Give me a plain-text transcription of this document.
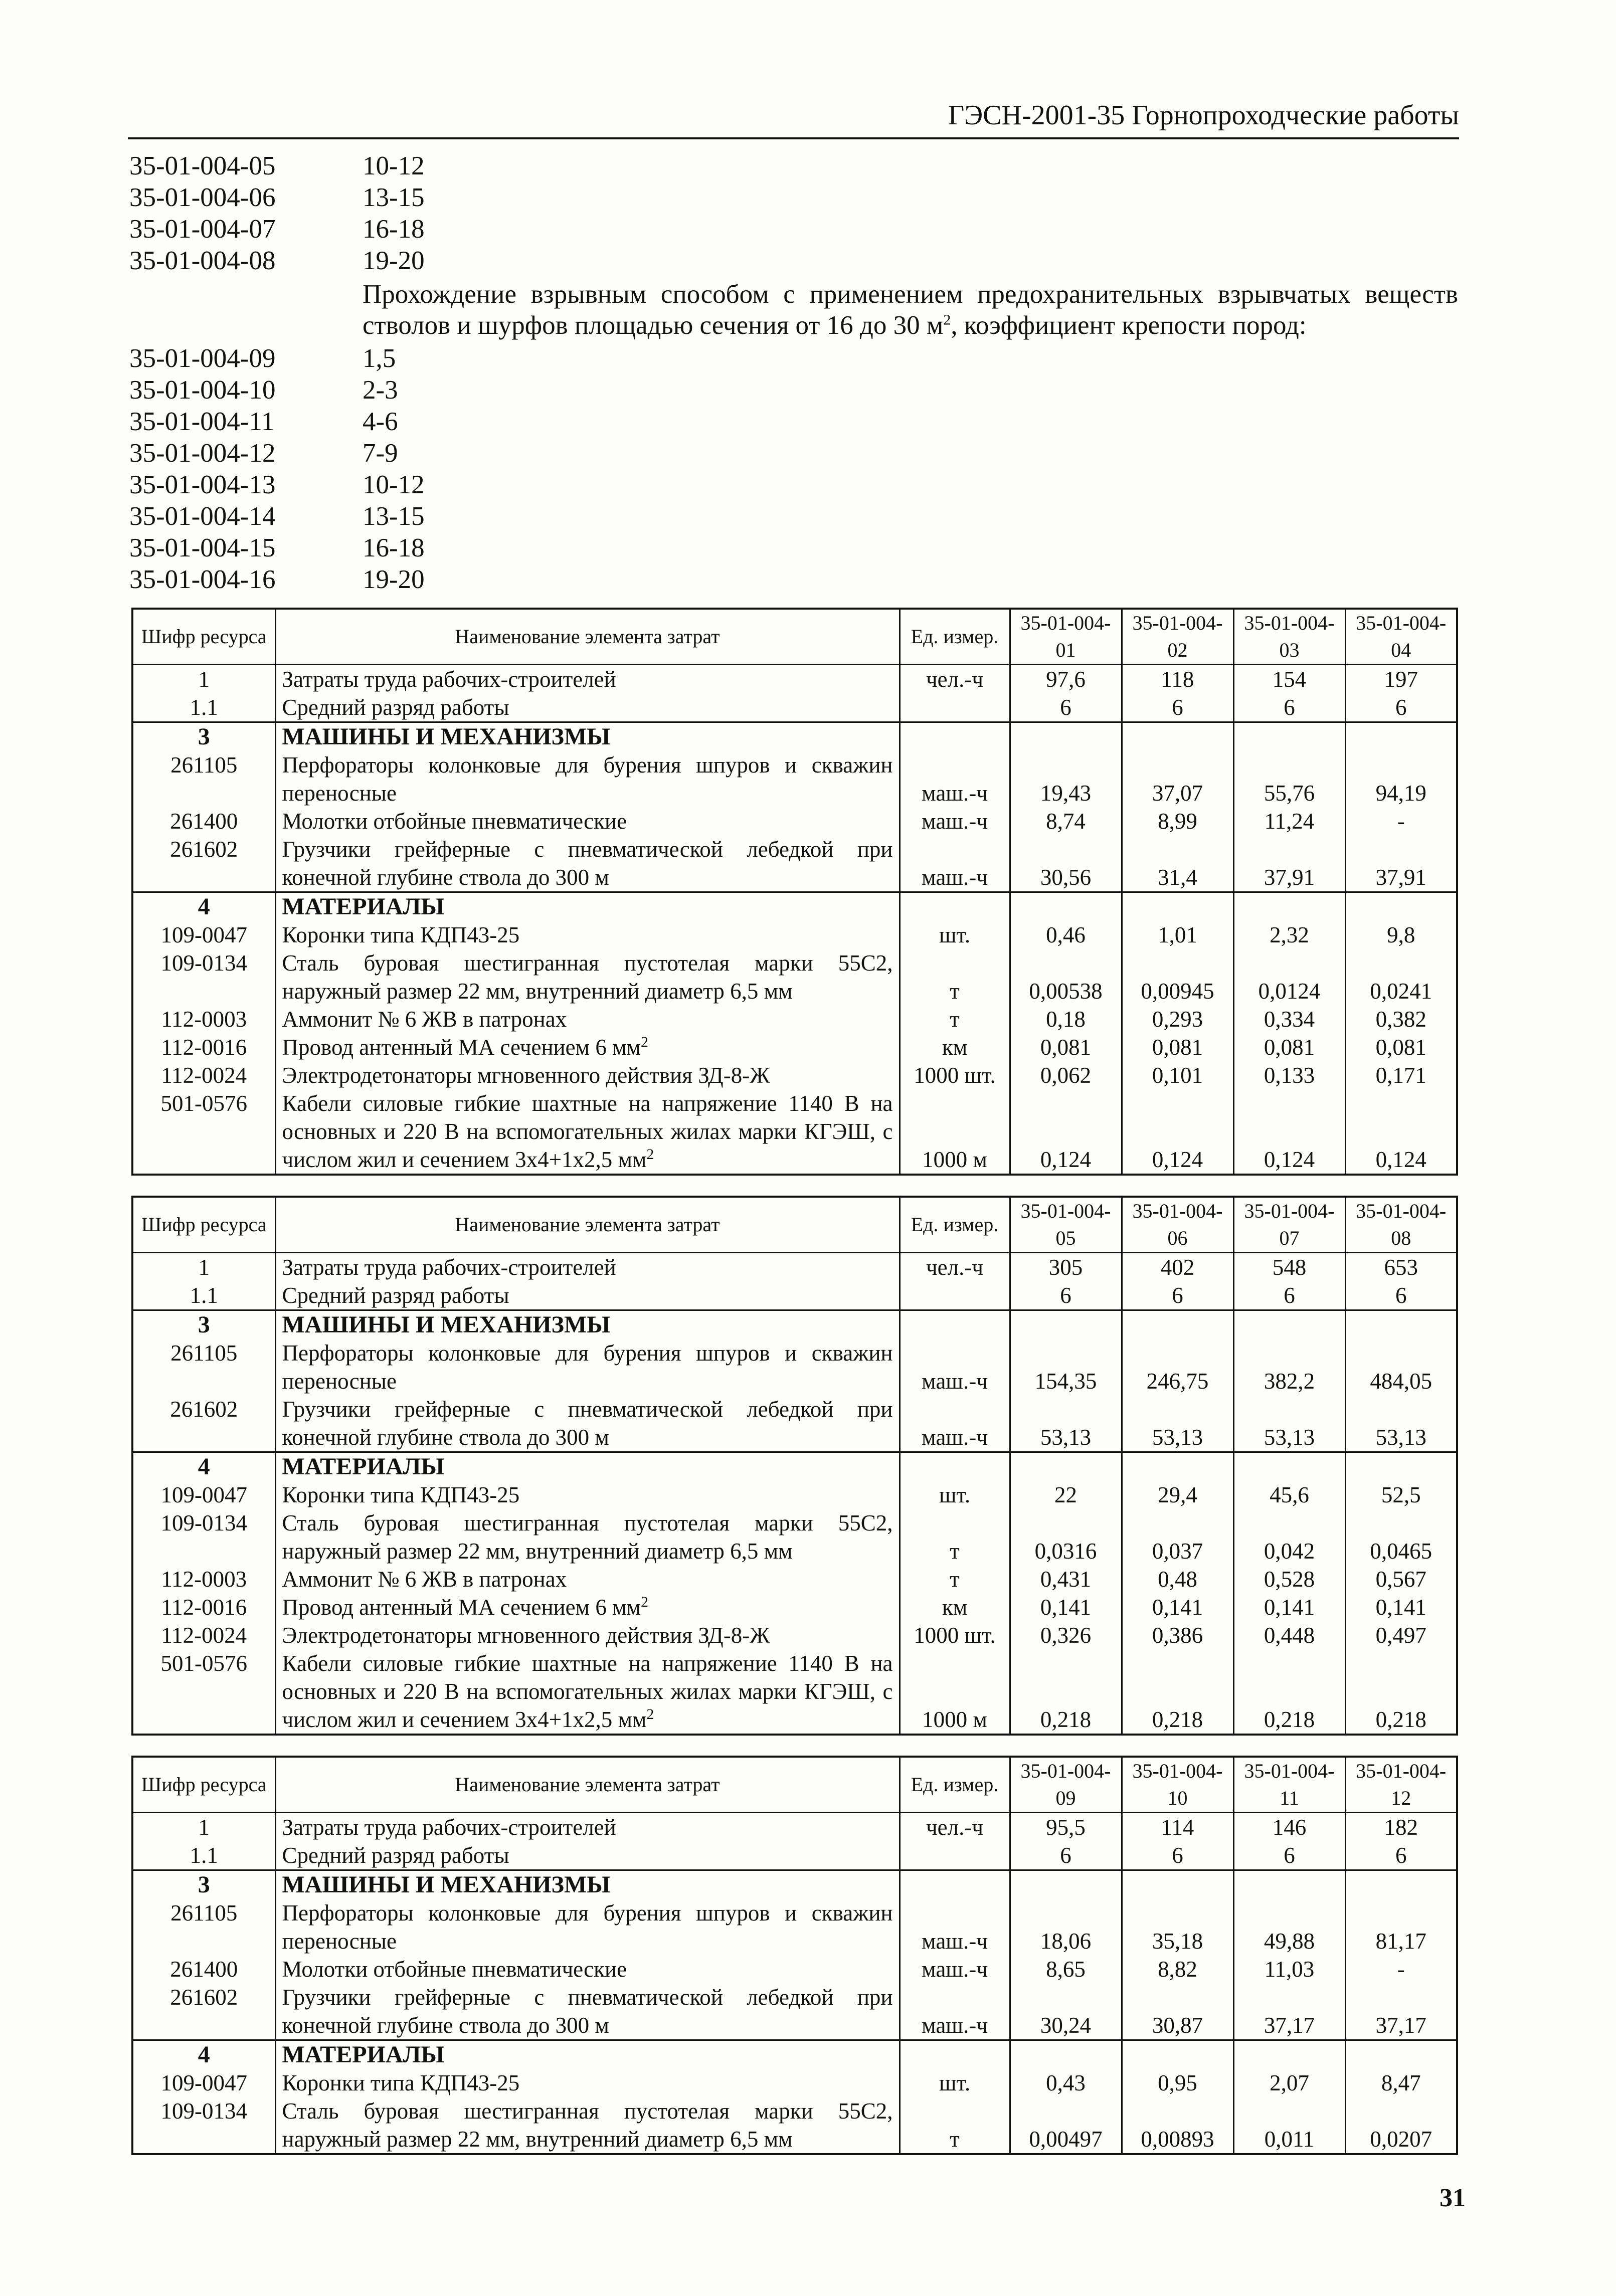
ГЭСН-2001-35 Горнопроходческие работы
35-01-004-05	10-12
35-01-004-06	13-15
35-01-004-07	16-18
35-01-004-08	19-20
Прохождение взрывным способом с применением предохранительных взрывчатых веществ стволов и шурфов площадью сечения от 16 до 30 $м^2$, коэффициент крепости пород:
35-01-004-09	1,5
35-01-004-10	2-3
35-01-004-11	4-6
35-01-004-12	7-9
35-01-004-13	10-12
35-01-004-14	13-15
35-01-004-15	16-18
35-01-004-16	19-20
Шифр ресурса	Наименование элемента затрат	Ед. измер.	35-01-004-01	35-01-004-02	35-01-004-03	35-01-004-04
1	Затраты труда рабочих-строителей	чел.-ч	97,6	118	154	197
1.1	Средний разряд работы		6	6	6	6
3	МАШИНЫ И МЕХАНИЗМЫ					
261105	Перфораторы колонковые для бурения шпуров и скважин переносные	маш.-ч	19,43	37,07	55,76	94,19
261400	Молотки отбойные пневматические	маш.-ч	8,74	8,99	11,24	-
261602	Грузчики грейферные с пневматической лебедкой при конечной глубине ствола до 300 м	маш.-ч	30,56	31,4	37,91	37,91
4	МАТЕРИАЛЫ					
109-0047	Коронки типа КДП43-25	шт.	0,46	1,01	2,32	9,8
109-0134	Сталь буровая шестигранная пустотелая марки 55С2, наружный размер 22 мм, внутренний диаметр 6,5 мм	т	0,00538	0,00945	0,0124	0,0241
112-0003	Аммонит № 6 ЖВ в патронах	т	0,18	0,293	0,334	0,382
112-0016	Провод антенный МА сечением 6 $мм^2$	км	0,081	0,081	0,081	0,081
112-0024	Электродетонаторы мгновенного действия ЗД-8-Ж	1000 шт.	0,062	0,101	0,133	0,171
501-0576	Кабели силовые гибкие шахтные на напряжение 1140 В на основных и 220 В на вспомогательных жилах марки КГЭШ, с числом жил и сечением 3х4+1х2,5 $мм^2$	1000 м	0,124	0,124	0,124	0,124
Шифр ресурса	Наименование элемента затрат	Ед. измер.	35-01-004-05	35-01-004-06	35-01-004-07	35-01-004-08
1	Затраты труда рабочих-строителей	чел.-ч	305	402	548	653
1.1	Средний разряд работы		6	6	6	6
3	МАШИНЫ И МЕХАНИЗМЫ					
261105	Перфораторы колонковые для бурения шпуров и скважин переносные	маш.-ч	154,35	246,75	382,2	484,05
261602	Грузчики грейферные с пневматической лебедкой при конечной глубине ствола до 300 м	маш.-ч	53,13	53,13	53,13	53,13
4	МАТЕРИАЛЫ					
109-0047	Коронки типа КДП43-25	шт.	22	29,4	45,6	52,5
109-0134	Сталь буровая шестигранная пустотелая марки 55С2, наружный размер 22 мм, внутренний диаметр 6,5 мм	т	0,0316	0,037	0,042	0,0465
112-0003	Аммонит № 6 ЖВ в патронах	т	0,431	0,48	0,528	0,567
112-0016	Провод антенный МА сечением 6 $мм^2$	км	0,141	0,141	0,141	0,141
112-0024	Электродетонаторы мгновенного действия ЗД-8-Ж	1000 шт.	0,326	0,386	0,448	0,497
501-0576	Кабели силовые гибкие шахтные на напряжение 1140 В на основных и 220 В на вспомогательных жилах марки КГЭШ, с числом жил и сечением 3х4+1х2,5 $мм^2$	1000 м	0,218	0,218	0,218	0,218
Шифр ресурса	Наименование элемента затрат	Ед. измер.	35-01-004-09	35-01-004-10	35-01-004-11	35-01-004-12
1	Затраты труда рабочих-строителей	чел.-ч	95,5	114	146	182
1.1	Средний разряд работы		6	6	6	6
3	МАШИНЫ И МЕХАНИЗМЫ					
261105	Перфораторы колонковые для бурения шпуров и скважин переносные	маш.-ч	18,06	35,18	49,88	81,17
261400	Молотки отбойные пневматические	маш.-ч	8,65	8,82	11,03	-
261602	Грузчики грейферные с пневматической лебедкой при конечной глубине ствола до 300 м	маш.-ч	30,24	30,87	37,17	37,17
4	МАТЕРИАЛЫ					
109-0047	Коронки типа КДП43-25	шт.	0,43	0,95	2,07	8,47
109-0134	Сталь буровая шестигранная пустотелая марки 55С2, наружный размер 22 мм, внутренний диаметр 6,5 мм	т	0,00497	0,00893	0,011	0,0207
31
